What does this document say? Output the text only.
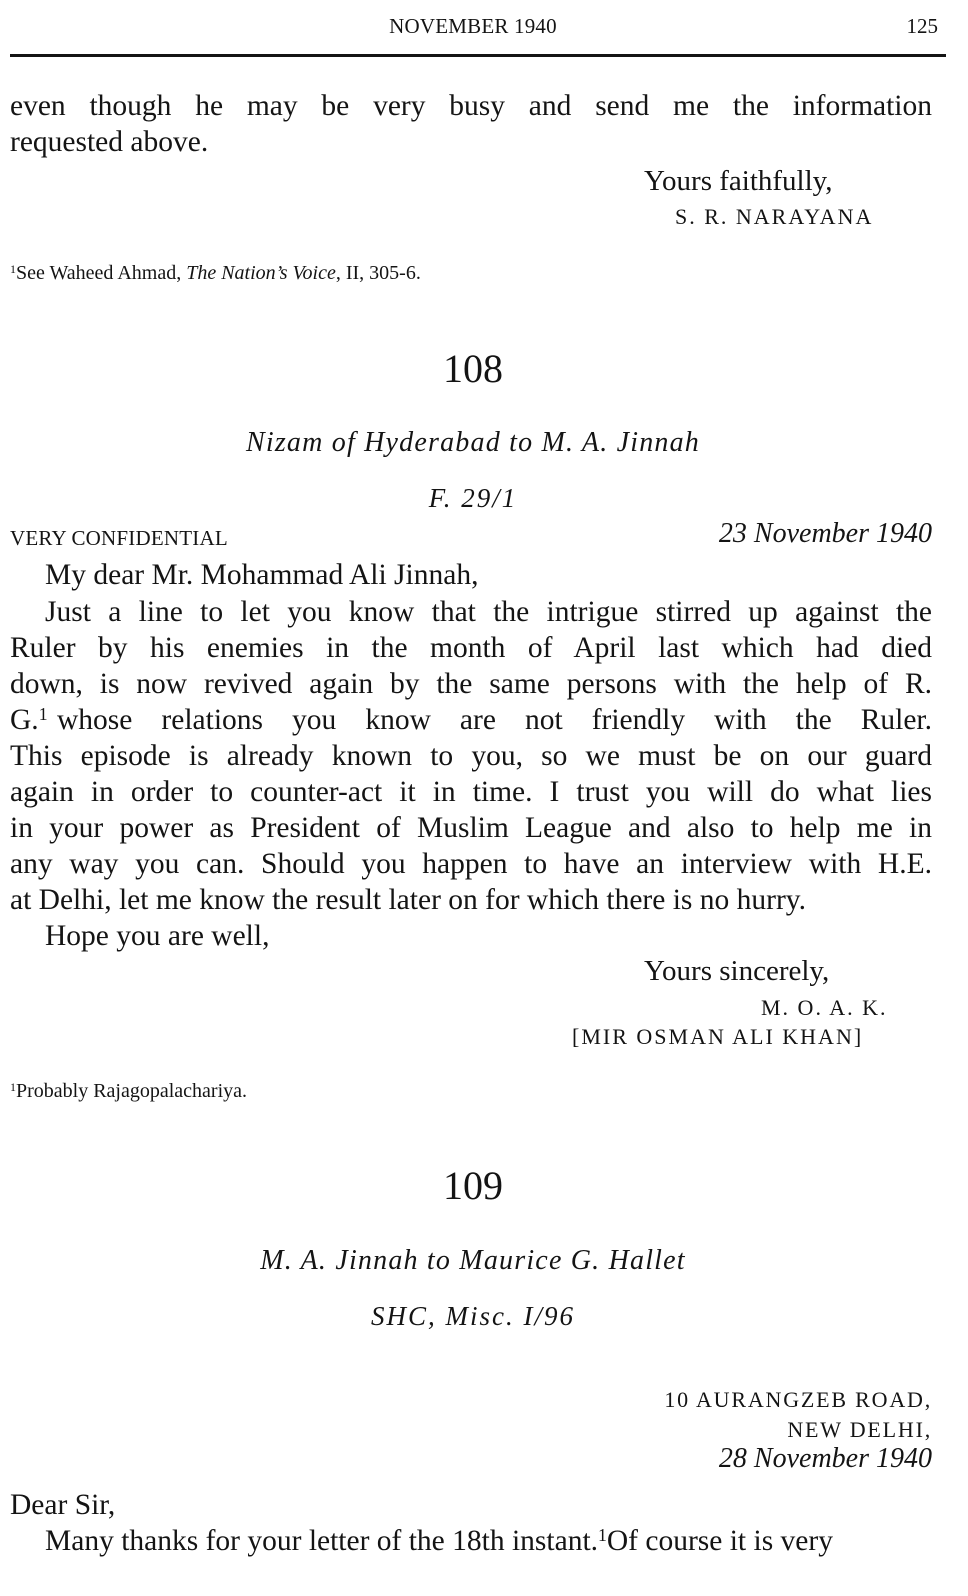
NOVEMBER 1940	125
even though he may be very busy and send me the information
requested above.
Yours faithfully,
S. R. NARAYANA
$^1$See Waheed Ahmad, The Nation’s Voice, II, 305-6.
108
Nizam of Hyderabad to M. A. Jinnah
F. 29/1
VERY CONFIDENTIAL	23 November 1940
My dear Mr. Mohammad Ali Jinnah,
Just a line to let you know that the intrigue stirred up against the
Ruler by his enemies in the month of April last which had died
down, is now revived again by the same persons with the help of R.
G.$^1$ whose relations you know are not friendly with the Ruler.
This episode is already known to you, so we must be on our guard
again in order to counter-act it in time. I trust you will do what lies
in your power as President of Muslim League and also to help me in
any way you can. Should you happen to have an interview with H.E.
at Delhi, let me know the result later on for which there is no hurry.
Hope you are well,
Yours sincerely,
M. O. A. K.
[MIR OSMAN ALI KHAN]
$^1$Probably Rajagopalachariya.
109
M. A. Jinnah to Maurice G. Hallet
SHC, Misc. I/96
10 AURANGZEB ROAD,
NEW DELHI,
28 November 1940
Dear Sir,
Many thanks for your letter of the 18th instant.$^1$Of course it is very
